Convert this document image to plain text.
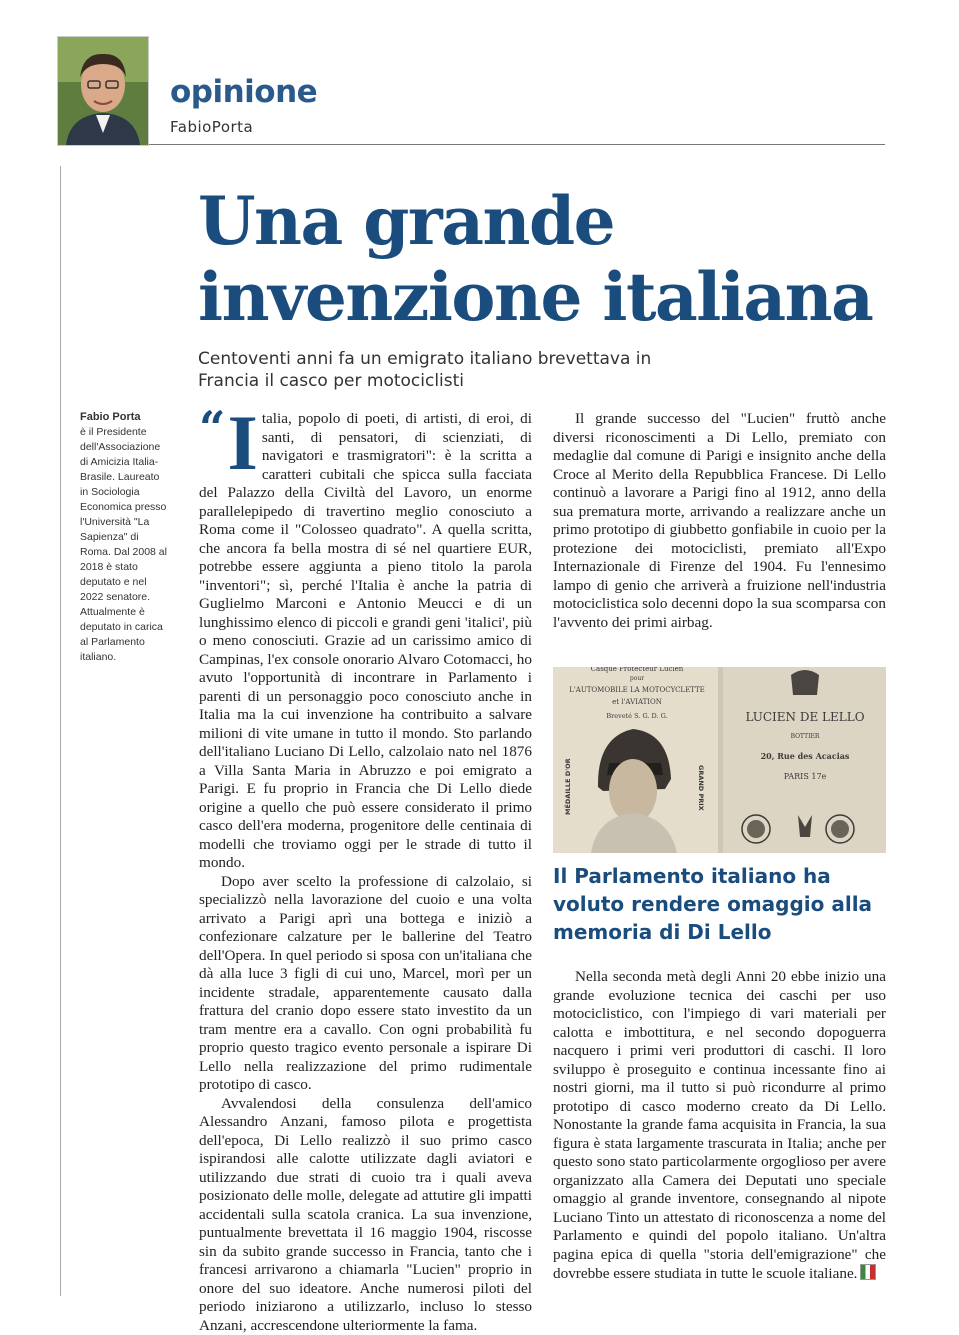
opinione
FabioPorta
Una grande invenzione italiana

Centoventi anni fa un emigrato italiano brevettava in Francia il casco per motociclisti

Fabio Porta
è il Presidente dell'Associazione di Amicizia Italia-Brasile. Laureato in Sociologia Economica presso l'Università "La Sapienza" di Roma. Dal 2008 al 2018 è stato deputato e nel 2022 senatore. Attualmente è deputato in carica al Parlamento italiano.

“ I talia, popolo di poeti, di artisti, di eroi, di santi, di pensatori, di scienziati, di navigatori e trasmigratori": è la scritta a caratteri cubitali che spicca sulla facciata del Palazzo della Civiltà del Lavoro, un enorme parallelepipedo di travertino meglio conosciuto a Roma come il "Colosseo quadrato". A quella scritta, che ancora fa bella mostra di sé nel quartiere EUR, potrebbe essere aggiunta a pieno titolo la parola "inventori"; sì, perché l'Italia è anche la patria di Guglielmo Marconi e Antonio Meucci e di un lunghissimo elenco di piccoli e grandi geni 'italici', più o meno conosciuti. Grazie ad un carissimo amico di Campinas, l'ex console onorario Alvaro Cotomacci, ho avuto l'opportunità di incontrare in Parlamento i parenti di un personaggio poco conosciuto anche in Italia ma la cui invenzione ha contribuito a salvare milioni di vite umane in tutto il mondo. Sto parlando dell'italiano Luciano Di Lello, calzolaio nato nel 1876 a Villa Santa Maria in Abruzzo e poi emigrato a Parigi. E fu proprio in Francia che Di Lello diede origine a quello che può essere considerato il primo casco dell'era moderna, progenitore delle centinaia di modelli che troviamo oggi per le strade di tutto il mondo.

Dopo aver scelto la professione di calzolaio, si specializzò nella lavorazione del cuoio e una volta arrivato a Parigi aprì una bottega e iniziò a confezionare calzature per le ballerine del Teatro dell'Opera. In quel periodo si sposa con un'italiana che dà alla luce 3 figli di cui uno, Marcel, morì per un incidente stradale, apparentemente causato dalla frattura del cranio dopo essere stato investito da un tram mentre era a cavallo. Con ogni probabilità fu proprio questo tragico evento personale a ispirare Di Lello nella realizzazione del primo rudimentale prototipo di casco.

Avvalendosi della consulenza dell'amico Alessandro Anzani, famoso pilota e progettista dell'epoca, Di Lello realizzò il suo primo casco ispirandosi alle calotte utilizzate dagli aviatori e utilizzando due strati di cuoio tra i quali aveva posizionato delle molle, delegate ad attutire gli impatti accidentali sulla scatola cranica. La sua invenzione, puntualmente brevettata il 16 maggio 1904, riscosse sin da subito grande successo in Francia, tanto che i francesi arrivarono a chiamarla "Lucien" proprio in onore del suo ideatore. Anche numerosi piloti del periodo iniziarono a utilizzarlo, incluso lo stesso Anzani, accrescendone ulteriormente la fama.

Il grande successo del "Lucien" fruttò anche diversi riconoscimenti a Di Lello, premiato con medaglie dal comune di Parigi e insignito anche della Croce al Merito della Repubblica Francese. Di Lello continuò a lavorare a Parigi fino al 1912, anno della sua prematura morte, arrivando a realizzare anche un primo prototipo di giubbetto gonfiabile in cuoio per la protezione dei motociclisti, premiato all'Expo Internazionale di Firenze del 1904. Fu l'ennesimo lampo di genio che arriverà a fruizione nell'industria motociclistica solo decenni dopo la sua scomparsa con l'avvento dei primi airbag.

Casque Protecteur Lucien
pour
L'AUTOMOBILE LA MOTOCYCLETTE
et l'AVIATION
Breveté S. G. D. G.
MÉDAILLE D'OR	GRAND PRIX
LUCIEN DE LELLO
BOTTIER
20, Rue des Acacias
PARIS 17e

Il Parlamento italiano ha voluto rendere omaggio alla memoria di Di Lello

Nella seconda metà degli Anni 20 ebbe inizio una grande evoluzione tecnica dei caschi per uso motociclistico, con l'impiego di vari materiali per calotta e imbottitura, e nel secondo dopoguerra nacquero i primi veri produttori di caschi. Il loro sviluppo è proseguito e continua incessante fino ai nostri giorni, ma il tutto si può ricondurre al primo prototipo di casco moderno creato da Di Lello. Nonostante la grande fama acquisita in Francia, la sua figura è stata largamente trascurata in Italia; anche per questo sono stato particolarmente orgoglioso per avere organizzato alla Camera dei Deputati uno speciale omaggio al grande inventore, consegnando al nipote Luciano Tinto un attestato di riconoscenza a nome del Parlamento e quindi del popolo italiano. Un'altra pagina epica di quella "storia dell'emigrazione" che dovrebbe essere studiata in tutte le scuole italiane.
